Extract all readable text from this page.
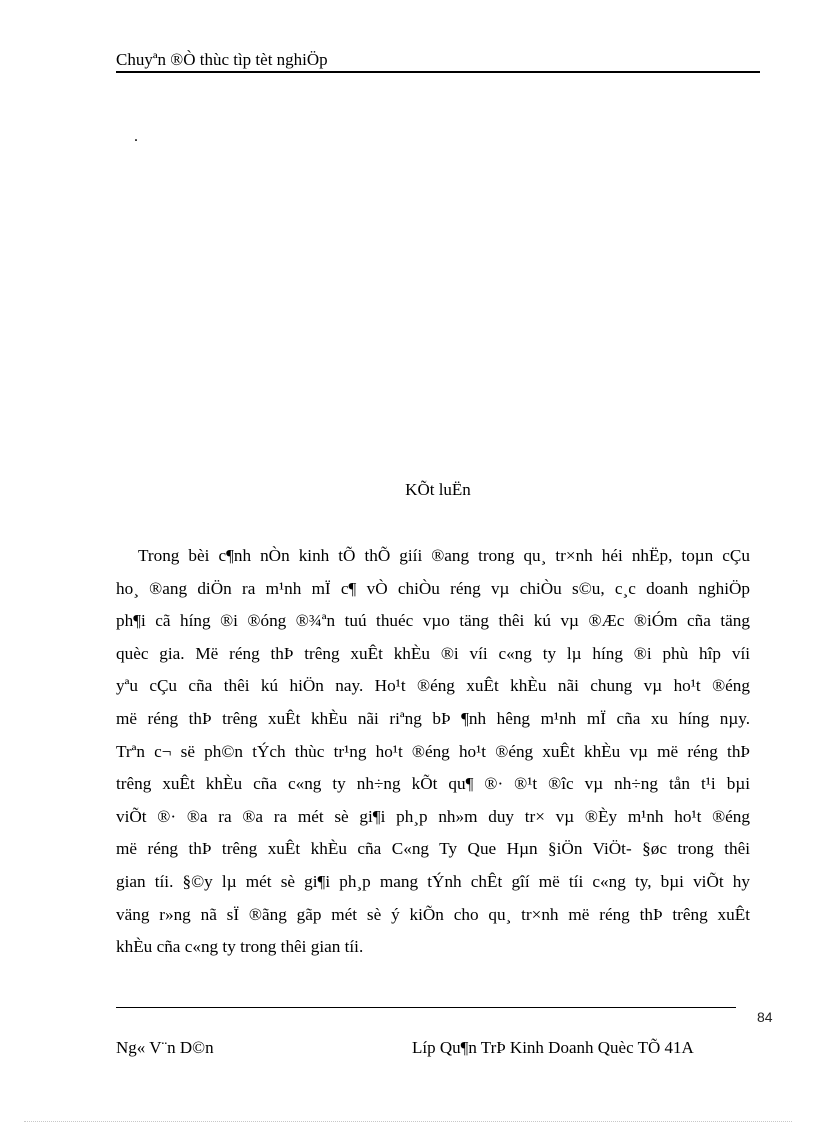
Chuyªn ®Ò thùc tìp tèt nghiÖp
.
KÕt luËn
Trong bèi c¶nh nÒn kinh tÕ thÕ giíi ®ang trong qu¸ tr×nh héi nhËp, toµn cÇu
ho¸ ®ang diÖn ra m¹nh mÏ c¶ vÒ chiÒu réng vµ chiÒu s©u, c¸c doanh nghiÖp
ph¶i cã híng ®i ®óng ®¾ªn tuú thuéc vµo täng thêi kú vµ ®Æc ®iÓm cña täng
quèc gia. Më réng thÞ trêng xuÊt khÈu ®i víi c«ng ty lµ híng ®i phù hîp víi
yªu cÇu cña thêi kú hiÖn nay. Ho¹t ®éng xuÊt khÈu nãi chung vµ ho¹t ®éng
më réng thÞ trêng xuÊt khÈu nãi riªng bÞ ¶nh hêng m¹nh mÏ cña xu híng nµy.
Trªn c¬ së ph©n tÝch thùc tr¹ng ho¹t ®éng ho¹t ®éng xuÊt khÈu vµ më réng thÞ
trêng xuÊt khÈu cña c«ng ty nh÷ng kÕt qu¶ ®· ®¹t ®îc vµ nh÷ng tån t¹i bµi
viÕt ®· ®a ra ®a ra mét sè gi¶i ph¸p nh»m duy tr× vµ ®Èy m¹nh ho¹t ®éng
më réng thÞ trêng xuÊt khÈu cña C«ng Ty Que Hµn §iÖn ViÖt- §øc trong thêi
gian tíi. §©y lµ mét sè gi¶i ph¸p mang tÝnh chÊt gîí më tíi c«ng ty, bµi viÕt hy
väng r»ng nã sÏ ®ãng gãp mét sè ý kiÕn cho qu¸ tr×nh më réng thÞ trêng xuÊt
khÈu cña c«ng ty trong thêi gian tíi.
84
Ng« V¨n D©n	Líp Qu¶n TrÞ Kinh Doanh Quèc TÕ 41A
